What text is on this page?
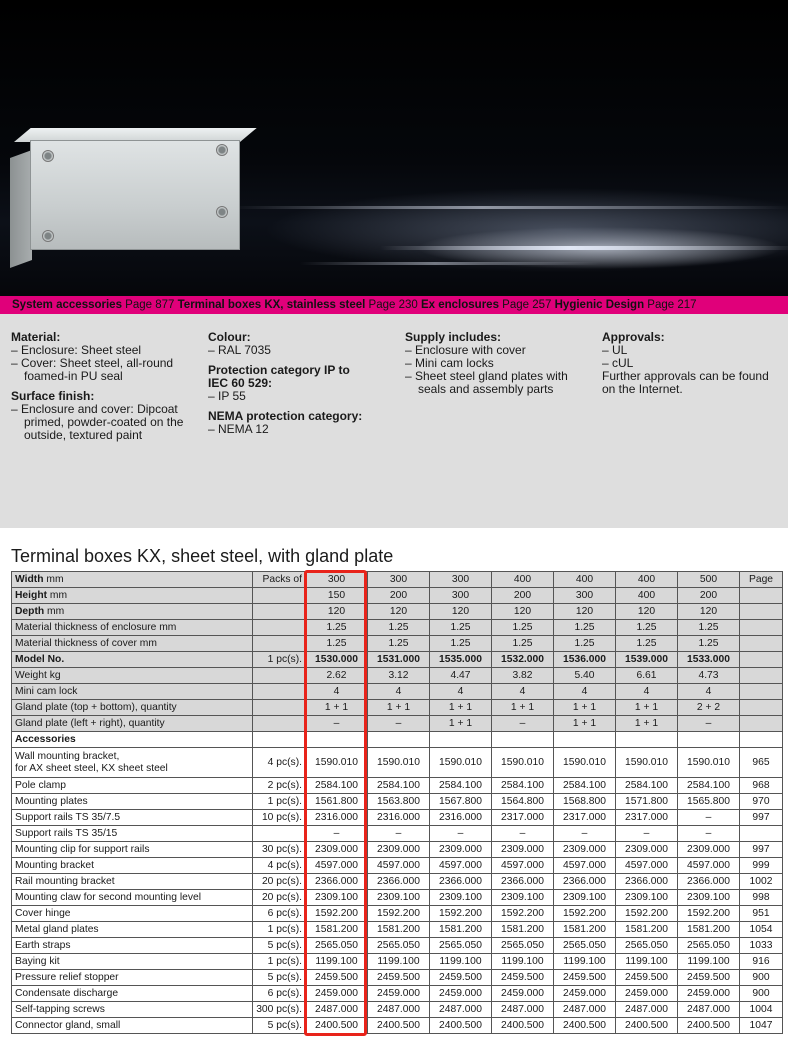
System accessories Page 877 Terminal boxes KX, stainless steel Page 230 Ex enclosures Page 257 Hygienic Design Page 217
Material:
– Enclosure: Sheet steel
– Cover: Sheet steel, all-round foamed-in PU seal
Surface finish:
– Enclosure and cover: Dipcoat primed, powder-coated on the outside, textured paint
Colour:
– RAL 7035
Protection category IP to IEC 60 529:
– IP 55
NEMA protection category:
– NEMA 12
Supply includes:
– Enclosure with cover
– Mini cam locks
– Sheet steel gland plates with seals and assembly parts
Approvals:
– UL
– cUL
Further approvals can be found on the Internet.
Terminal boxes KX, sheet steel, with gland plate
Width mm	Packs of	300	300	300	400	400	400	500	Page
Height mm		150	200	300	200	300	400	200	
Depth mm		120	120	120	120	120	120	120	
Material thickness of enclosure mm		1.25	1.25	1.25	1.25	1.25	1.25	1.25	
Material thickness of cover mm		1.25	1.25	1.25	1.25	1.25	1.25	1.25	
Model No.	1 pc(s).	1530.000	1531.000	1535.000	1532.000	1536.000	1539.000	1533.000	
Weight kg		2.62	3.12	4.47	3.82	5.40	6.61	4.73	
Mini cam lock		4	4	4	4	4	4	4	
Gland plate (top + bottom), quantity		1 + 1	1 + 1	1 + 1	1 + 1	1 + 1	1 + 1	2 + 2	
Gland plate (left + right), quantity		–	–	1 + 1	–	1 + 1	1 + 1	–	
Accessories									

Wall mounting bracket,
for AX sheet steel, KX sheet steel	4 pc(s).	1590.010	1590.010	1590.010	1590.010	1590.010	1590.010	1590.010	965

Pole clamp	2 pc(s).	2584.100	2584.100	2584.100	2584.100	2584.100	2584.100	2584.100	968

Mounting plates	1 pc(s).	1561.800	1563.800	1567.800	1564.800	1568.800	1571.800	1565.800	970

Support rails TS 35/7.5	10 pc(s).	2316.000	2316.000	2316.000	2317.000	2317.000	2317.000	–	997

Support rails TS 35/15		–	–	–	–	–	–	–	

Mounting clip for support rails	30 pc(s).	2309.000	2309.000	2309.000	2309.000	2309.000	2309.000	2309.000	997

Mounting bracket	4 pc(s).	4597.000	4597.000	4597.000	4597.000	4597.000	4597.000	4597.000	999

Rail mounting bracket	20 pc(s).	2366.000	2366.000	2366.000	2366.000	2366.000	2366.000	2366.000	1002

Mounting claw for second mounting level	20 pc(s).	2309.100	2309.100	2309.100	2309.100	2309.100	2309.100	2309.100	998

Cover hinge	6 pc(s).	1592.200	1592.200	1592.200	1592.200	1592.200	1592.200	1592.200	951

Metal gland plates	1 pc(s).	1581.200	1581.200	1581.200	1581.200	1581.200	1581.200	1581.200	1054

Earth straps	5 pc(s).	2565.050	2565.050	2565.050	2565.050	2565.050	2565.050	2565.050	1033

Baying kit	1 pc(s).	1199.100	1199.100	1199.100	1199.100	1199.100	1199.100	1199.100	916

Pressure relief stopper	5 pc(s).	2459.500	2459.500	2459.500	2459.500	2459.500	2459.500	2459.500	900

Condensate discharge	6 pc(s).	2459.000	2459.000	2459.000	2459.000	2459.000	2459.000	2459.000	900

Self-tapping screws	300 pc(s).	2487.000	2487.000	2487.000	2487.000	2487.000	2487.000	2487.000	1004

Connector gland, small	5 pc(s).	2400.500	2400.500	2400.500	2400.500	2400.500	2400.500	2400.500	1047
